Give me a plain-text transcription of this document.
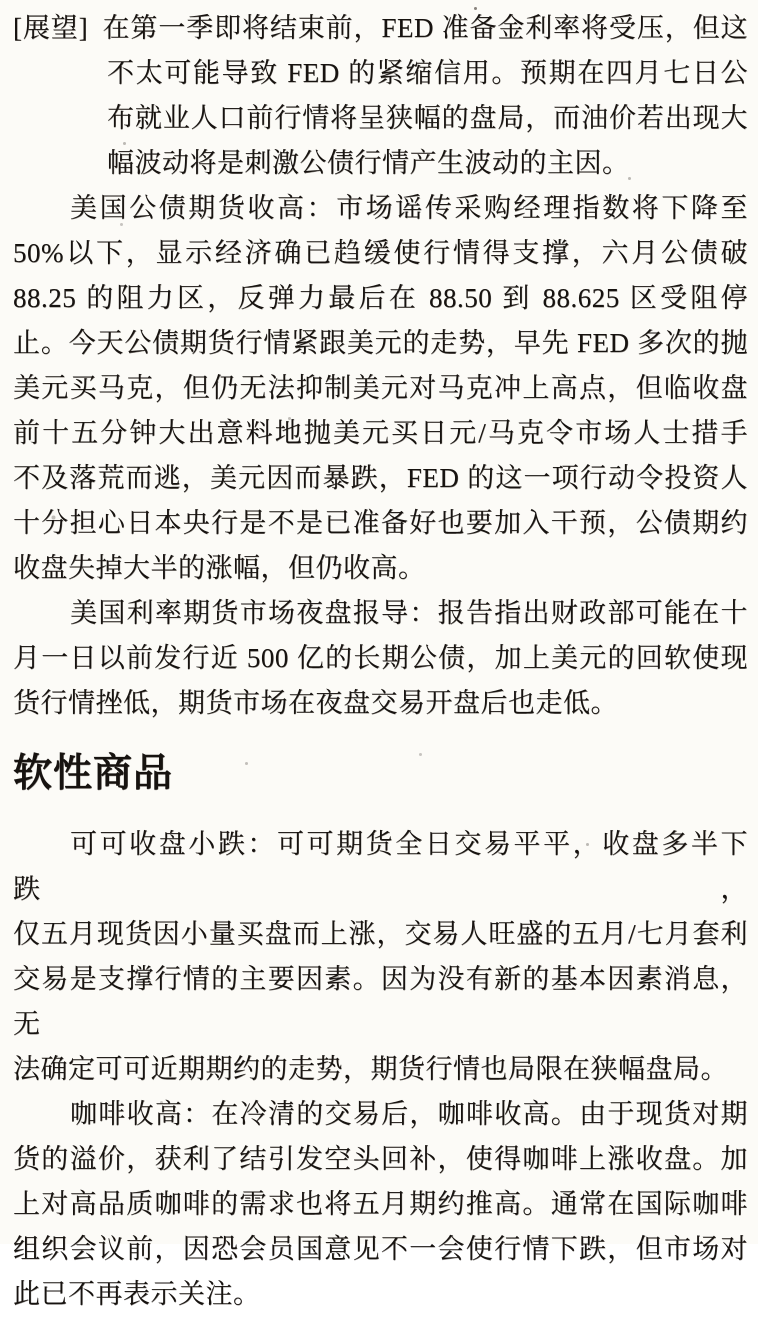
[展望] 在第一季即将结束前，FED 准备金利率将受压，但这
不太可能导致 FED 的紧缩信用。预期在四月七日公
布就业人口前行情将呈狭幅的盘局，而油价若出现大
幅波动将是刺激公债行情产生波动的主因。
美国公债期货收高：市场谣传采购经理指数将下降至
50%以下，显示经济确已趋缓使行情得支撑，六月公债破
88.25 的阻力区，反弹力最后在 88.50 到 88.625 区受阻停
止。今天公债期货行情紧跟美元的走势，早先 FED 多次的抛
美元买马克，但仍无法抑制美元对马克冲上高点，但临收盘
前十五分钟大出意料地抛美元买日元/马克令市场人士措手
不及落荒而逃，美元因而暴跌，FED 的这一项行动令投资人
十分担心日本央行是不是已准备好也要加入干预，公债期约
收盘失掉大半的涨幅，但仍收高。
美国利率期货市场夜盘报导：报告指出财政部可能在十
月一日以前发行近 500 亿的长期公债，加上美元的回软使现
货行情挫低，期货市场在夜盘交易开盘后也走低。
软性商品
可可收盘小跌：可可期货全日交易平平，收盘多半下跌，
仅五月现货因小量买盘而上涨，交易人旺盛的五月/七月套利
交易是支撑行情的主要因素。因为没有新的基本因素消息，无
法确定可可近期期约的走势，期货行情也局限在狭幅盘局。
咖啡收高：在冷清的交易后，咖啡收高。由于现货对期
货的溢价，获利了结引发空头回补，使得咖啡上涨收盘。加
上对高品质咖啡的需求也将五月期约推高。通常在国际咖啡
组织会议前，因恐会员国意见不一会使行情下跌，但市场对
此已不再表示关注。
